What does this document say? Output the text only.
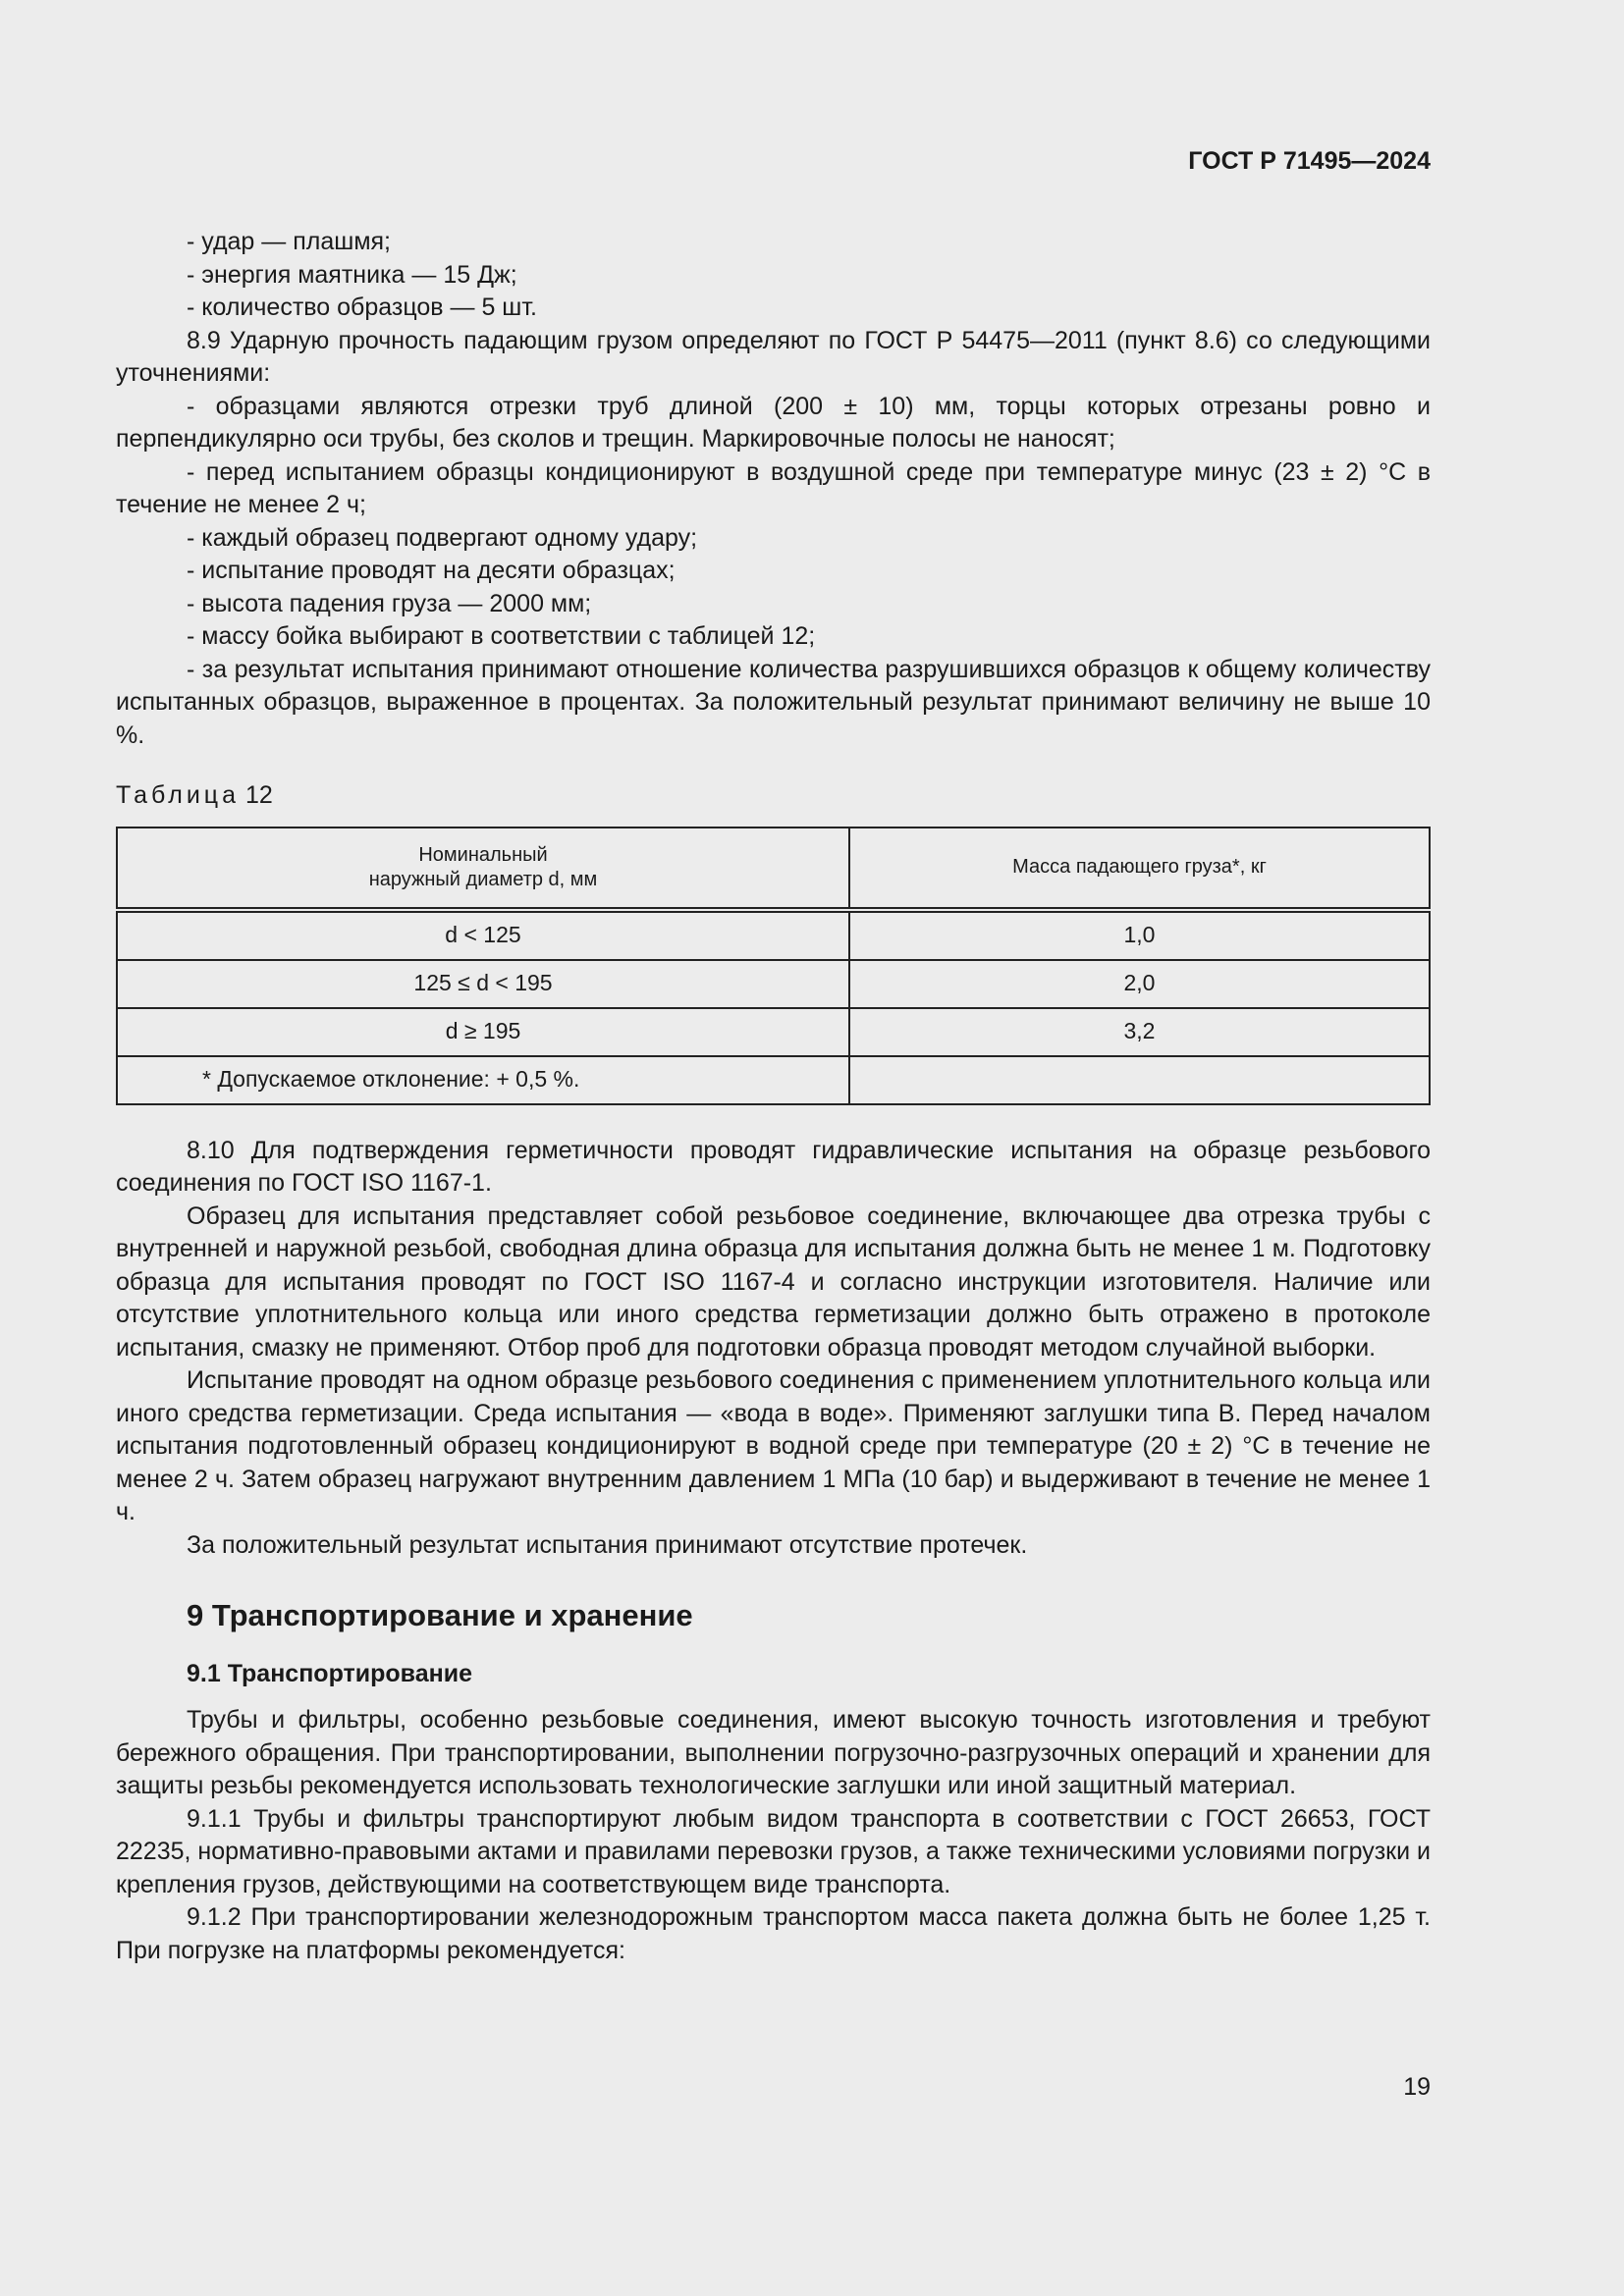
ГОСТ Р 71495—2024

- удар — плашмя;

- энергия маятника — 15 Дж;

- количество образцов — 5 шт.

8.9 Ударную прочность падающим грузом определяют по ГОСТ Р 54475—2011 (пункт 8.6) со следующими уточнениями:

- образцами являются отрезки труб длиной (200 ± 10) мм, торцы которых отрезаны ровно и перпендикулярно оси трубы, без сколов и трещин. Маркировочные полосы не наносят;

- перед испытанием образцы кондиционируют в воздушной среде при температуре минус (23 ± 2) °С в течение не менее 2 ч;

- каждый образец подвергают одному удару;

- испытание проводят на десяти образцах;

- высота падения груза — 2000 мм;

- массу бойка выбирают в соответствии с таблицей 12;

- за результат испытания принимают отношение количества разрушившихся образцов к общему количеству испытанных образцов, выраженное в процентах. За положительный результат принимают величину не выше 10 %.

Таблица 12
Номинальный
наружный диаметр d, мм	Масса падающего груза*, кг
d < 125	1,0
125 ≤ d < 195	2,0
d ≥ 195	3,2
* Допускаемое отклонение: + 0,5 %.	

8.10 Для подтверждения герметичности проводят гидравлические испытания на образце резьбового соединения по ГОСТ ISO 1167-1.

Образец для испытания представляет собой резьбовое соединение, включающее два отрезка трубы с внутренней и наружной резьбой, свободная длина образца для испытания должна быть не менее 1 м. Подготовку образца для испытания проводят по ГОСТ ISO 1167-4 и согласно инструкции изготовителя. Наличие или отсутствие уплотнительного кольца или иного средства герметизации должно быть отражено в протоколе испытания, смазку не применяют. Отбор проб для подготовки образца проводят методом случайной выборки.

Испытание проводят на одном образце резьбового соединения с применением уплотнительного кольца или иного средства герметизации. Среда испытания — «вода в воде». Применяют заглушки типа В. Перед началом испытания подготовленный образец кондиционируют в водной среде при температуре (20 ± 2) °С в течение не менее 2 ч. Затем образец нагружают внутренним давлением 1 МПа (10 бар) и выдерживают в течение не менее 1 ч.

За положительный результат испытания принимают отсутствие протечек.

9 Транспортирование и хранение
9.1 Транспортирование

Трубы и фильтры, особенно резьбовые соединения, имеют высокую точность изготовления и требуют бережного обращения. При транспортировании, выполнении погрузочно-разгрузочных операций и хранении для защиты резьбы рекомендуется использовать технологические заглушки или иной защитный материал.

9.1.1 Трубы и фильтры транспортируют любым видом транспорта в соответствии с ГОСТ 26653, ГОСТ 22235, нормативно-правовыми актами и правилами перевозки грузов, а также техническими условиями погрузки и крепления грузов, действующими на соответствующем виде транспорта.

9.1.2 При транспортировании железнодорожным транспортом масса пакета должна быть не более 1,25 т. При погрузке на платформы рекомендуется:

19
